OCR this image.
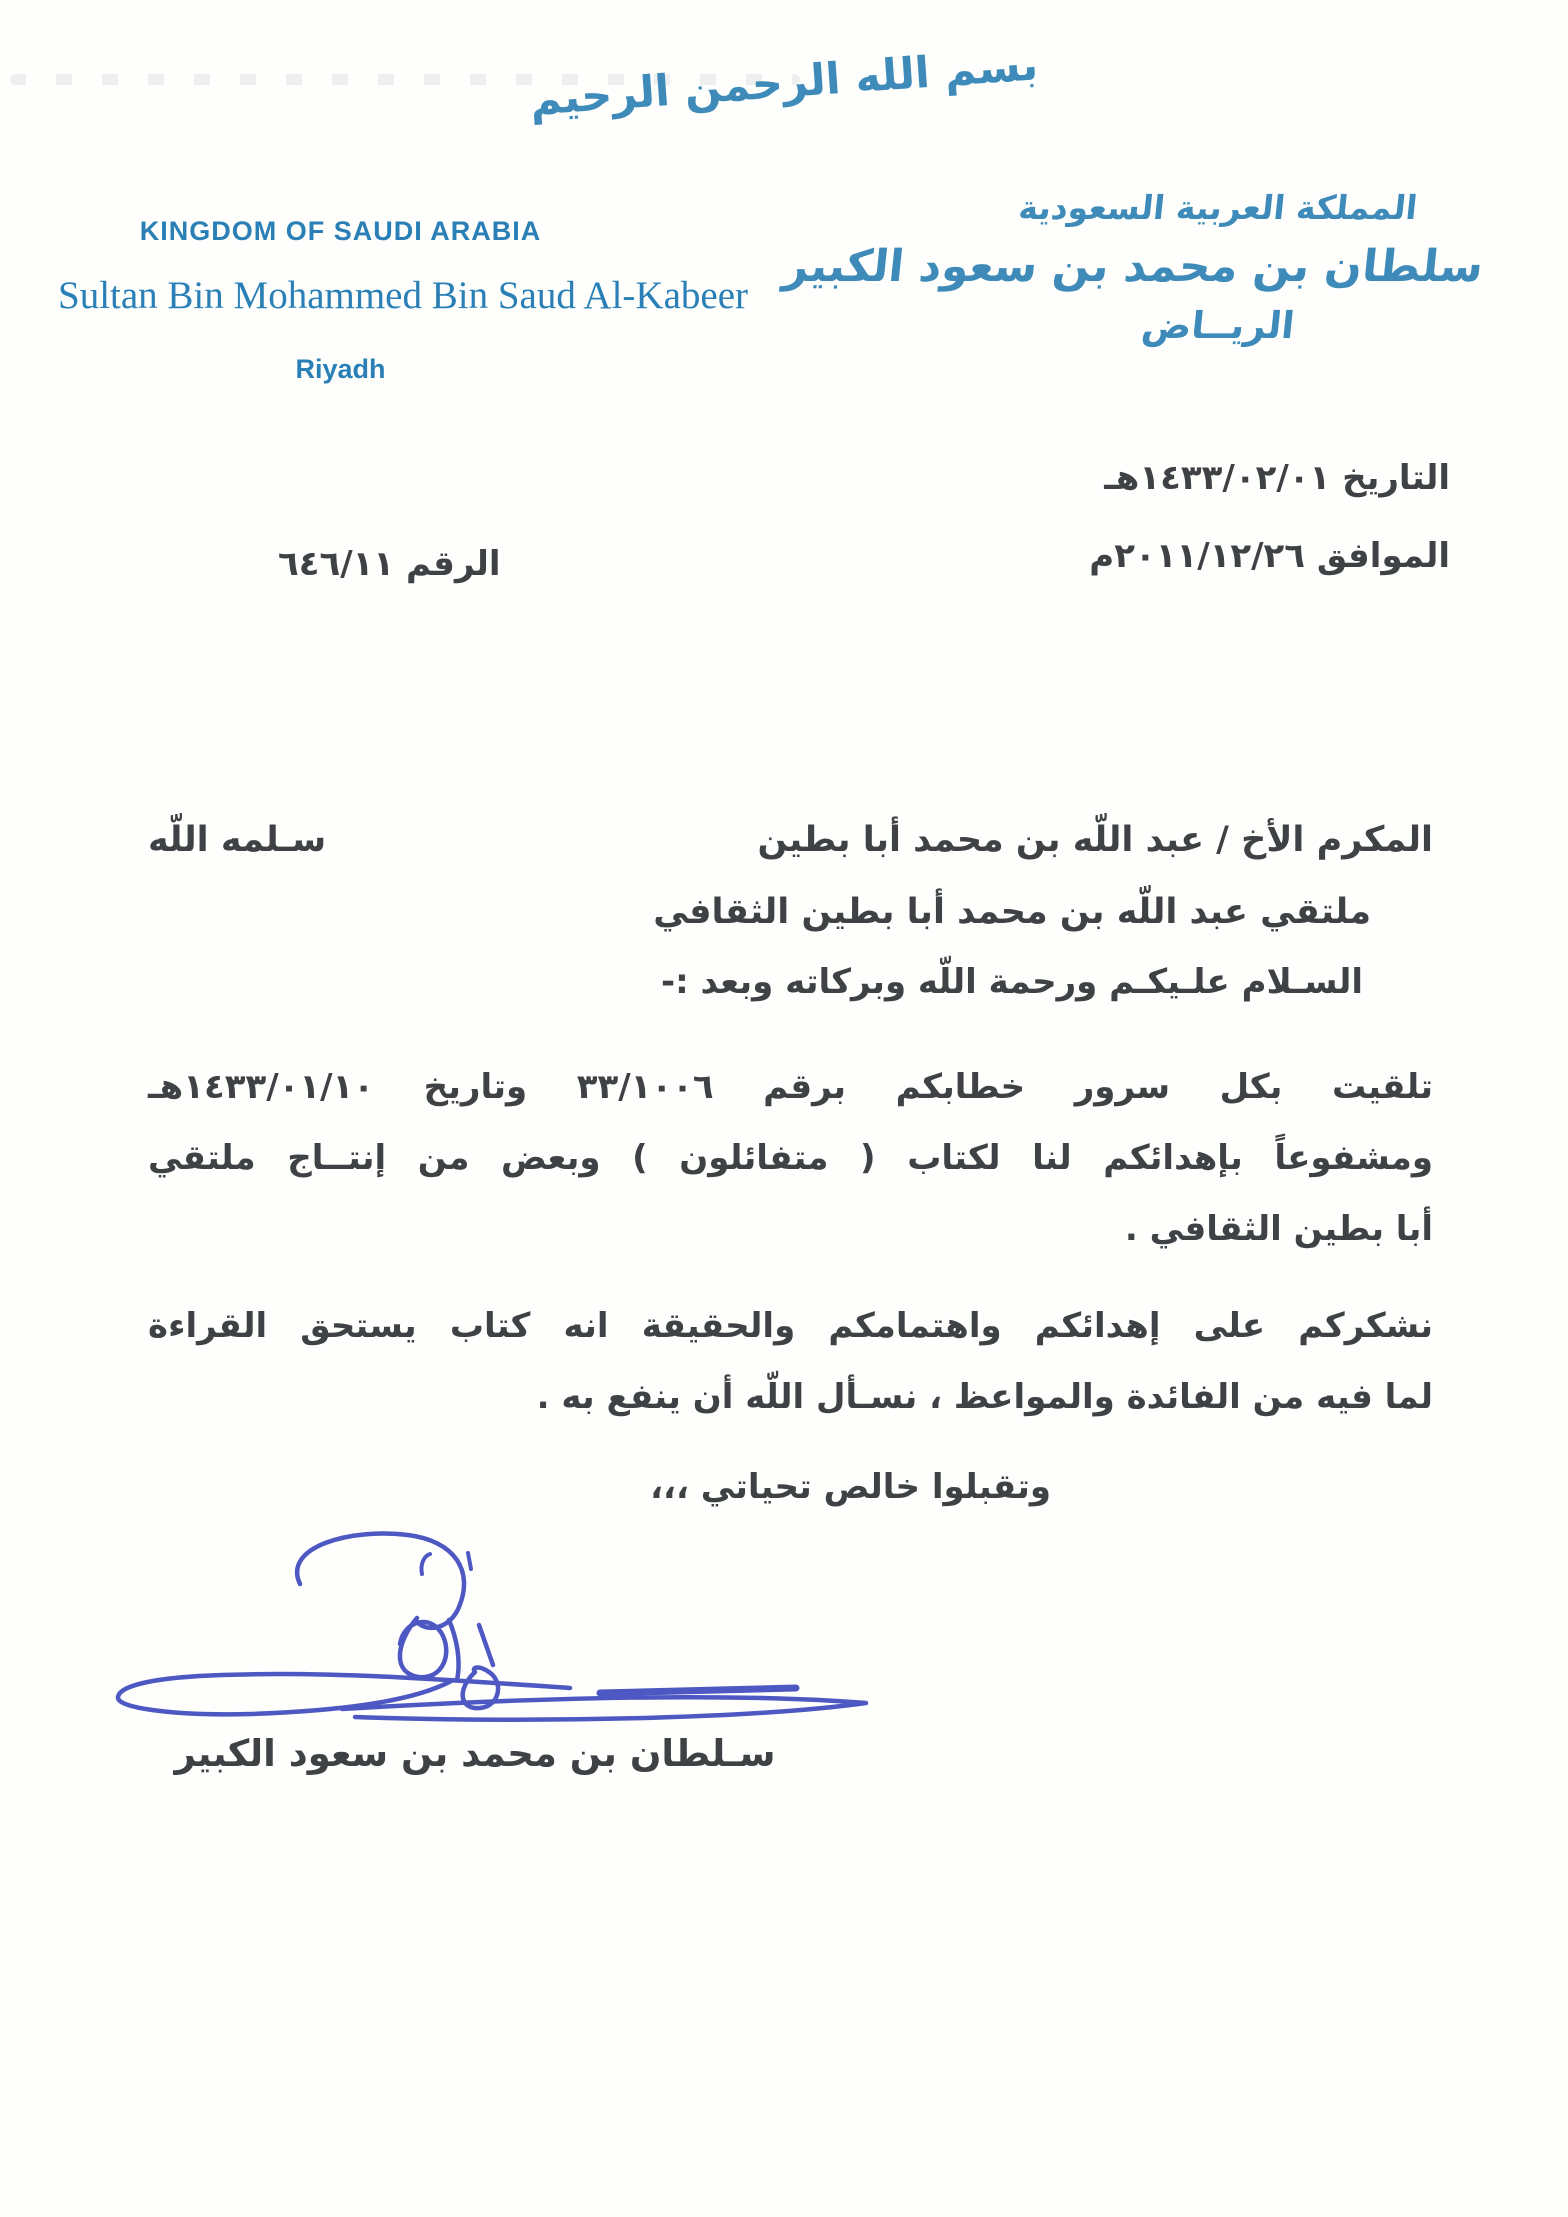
بسم الله الرحمن الرحيم
KINGDOM OF SAUDI ARABIA
Sultan Bin Mohammed Bin Saud Al-Kabeer
Riyadh
المملكة العربية السعودية
سلطان بن محمد بن سعود الكبير
الريــاض
التاريخ ١٤٣٣/٠٢/٠١هـ
الموافق ٢٠١١/١٢/٢٦م
الرقم ٦٤٦/١١
المكرم الأخ / عبد اللّه بن محمد أبا بطين
سـلمه اللّه
ملتقي عبد اللّه بن محمد أبا بطين الثقافي
السـلام علـيكـم ورحمة اللّه وبركاته وبعد :-
تلقيت بكل سرور خطابكم برقم ٣٣/١٠٠٦ وتاريخ ١٤٣٣/٠١/١٠هـ
ومشفوعاً بإهدائكم لنا لكتاب ( متفائلون ) وبعض من إنتــاج ملتقي
أبا بطين الثقافي .
نشكركم على إهدائكم واهتمامكم والحقيقة انه كتاب يستحق القراءة
لما فيه من الفائدة والمواعظ ، نسـأل اللّه أن ينفع به .
وتقبلوا خالص تحياتي ،،،
سـلطان بن محمد بن سعود الكبير
